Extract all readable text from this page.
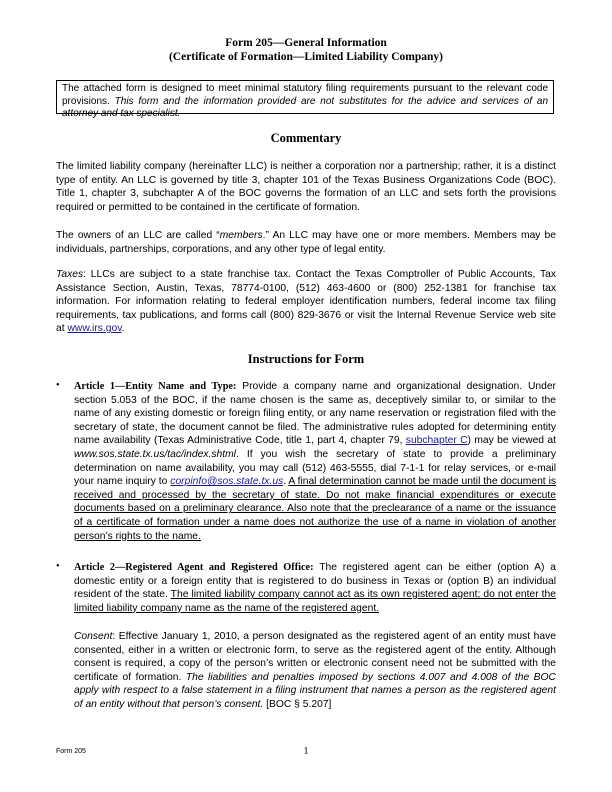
Form 205—General Information
(Certificate of Formation—Limited Liability Company)
The attached form is designed to meet minimal statutory filing requirements pursuant to the relevant code provisions. This form and the information provided are not substitutes for the advice and services of an attorney and tax specialist.
Commentary
The limited liability company (hereinafter LLC) is neither a corporation nor a partnership; rather, it is a distinct type of entity. An LLC is governed by title 3, chapter 101 of the Texas Business Organizations Code (BOC). Title 1, chapter 3, subchapter A of the BOC governs the formation of an LLC and sets forth the provisions required or permitted to be contained in the certificate of formation.
The owners of an LLC are called “members.” An LLC may have one or more members. Members may be individuals, partnerships, corporations, and any other type of legal entity.
Taxes: LLCs are subject to a state franchise tax. Contact the Texas Comptroller of Public Accounts, Tax Assistance Section, Austin, Texas, 78774-0100, (512) 463-4600 or (800) 252-1381 for franchise tax information. For information relating to federal employer identification numbers, federal income tax filing requirements, tax publications, and forms call (800) 829-3676 or visit the Internal Revenue Service web site at www.irs.gov.
Instructions for Form
• Article 1—Entity Name and Type: Provide a company name and organizational designation. Under section 5.053 of the BOC, if the name chosen is the same as, deceptively similar to, or similar to the name of any existing domestic or foreign filing entity, or any name reservation or registration filed with the secretary of state, the document cannot be filed. The administrative rules adopted for determining entity name availability (Texas Administrative Code, title 1, part 4, chapter 79, subchapter C) may be viewed at www.sos.state.tx.us/tac/index.shtml. If you wish the secretary of state to provide a preliminary determination on name availability, you may call (512) 463-5555, dial 7-1-1 for relay services, or e-mail your name inquiry to corpinfo@sos.state.tx.us. A final determination cannot be made until the document is received and processed by the secretary of state. Do not make financial expenditures or execute documents based on a preliminary clearance. Also note that the preclearance of a name or the issuance of a certificate of formation under a name does not authorize the use of a name in violation of another person’s rights to the name.
• Article 2—Registered Agent and Registered Office: The registered agent can be either (option A) a domestic entity or a foreign entity that is registered to do business in Texas or (option B) an individual resident of the state. The limited liability company cannot act as its own registered agent; do not enter the limited liability company name as the name of the registered agent.
Consent: Effective January 1, 2010, a person designated as the registered agent of an entity must have consented, either in a written or electronic form, to serve as the registered agent of the entity. Although consent is required, a copy of the person’s written or electronic consent need not be submitted with the certificate of formation. The liabilities and penalties imposed by sections 4.007 and 4.008 of the BOC apply with respect to a false statement in a filing instrument that names a person as the registered agent of an entity without that person’s consent. [BOC § 5.207]
Form 205	1
